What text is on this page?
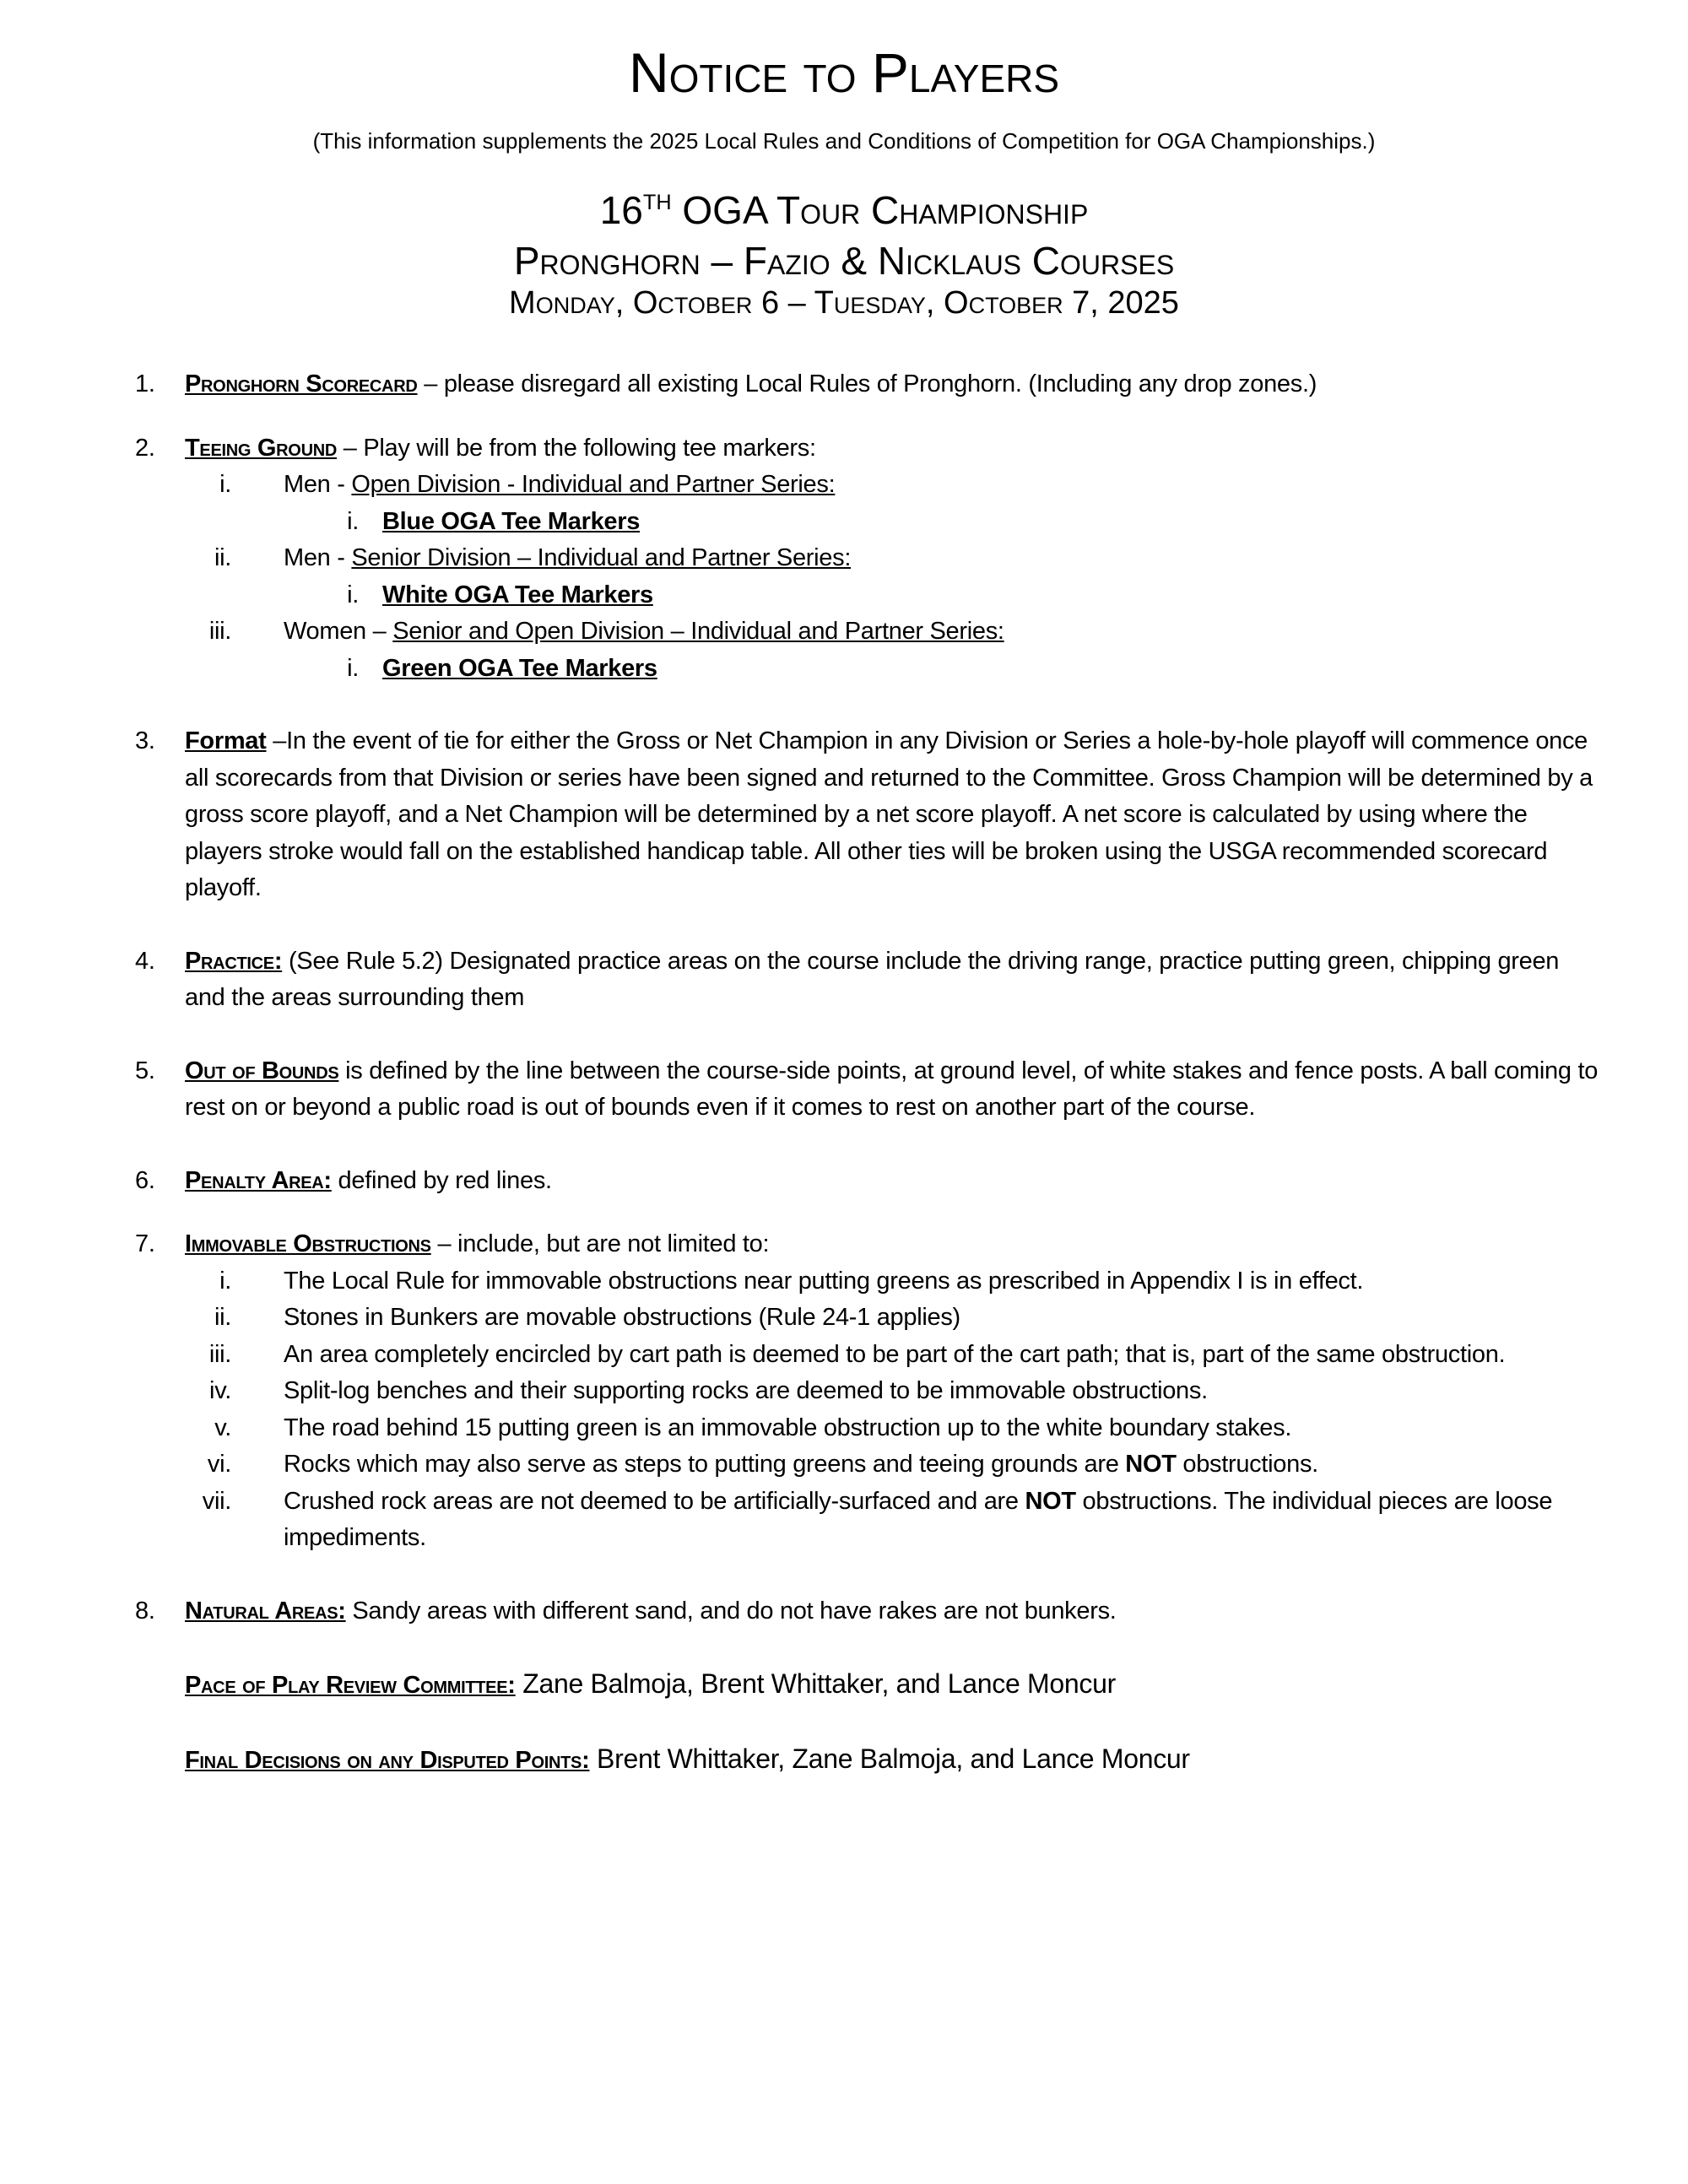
Notice to Players
(This information supplements the 2025 Local Rules and Conditions of Competition for OGA Championships.)
16TH OGA Tour Championship
Pronghorn – Fazio & Nicklaus Courses
Monday, October 6 – Tuesday, October 7, 2025
1. Pronghorn Scorecard – please disregard all existing Local Rules of Pronghorn. (Including any drop zones.)
2. Teeing Ground – Play will be from the following tee markers:
i. Men - Open Division - Individual and Partner Series:
i. Blue OGA Tee Markers
ii. Men - Senior Division – Individual and Partner Series:
i. White OGA Tee Markers
iii. Women – Senior and Open Division – Individual and Partner Series:
i. Green OGA Tee Markers
3. Format –In the event of tie for either the Gross or Net Champion in any Division or Series a hole-by-hole playoff will commence once all scorecards from that Division or series have been signed and returned to the Committee. Gross Champion will be determined by a gross score playoff, and a Net Champion will be determined by a net score playoff. A net score is calculated by using where the players stroke would fall on the established handicap table. All other ties will be broken using the USGA recommended scorecard playoff.
4. Practice: (See Rule 5.2) Designated practice areas on the course include the driving range, practice putting green, chipping green and the areas surrounding them
5. Out of Bounds is defined by the line between the course-side points, at ground level, of white stakes and fence posts. A ball coming to rest on or beyond a public road is out of bounds even if it comes to rest on another part of the course.
6. Penalty Area: defined by red lines.
7. Immovable Obstructions – include, but are not limited to:
i. The Local Rule for immovable obstructions near putting greens as prescribed in Appendix I is in effect.
ii. Stones in Bunkers are movable obstructions (Rule 24-1 applies)
iii. An area completely encircled by cart path is deemed to be part of the cart path; that is, part of the same obstruction.
iv. Split-log benches and their supporting rocks are deemed to be immovable obstructions.
v. The road behind 15 putting green is an immovable obstruction up to the white boundary stakes.
vi. Rocks which may also serve as steps to putting greens and teeing grounds are NOT obstructions.
vii. Crushed rock areas are not deemed to be artificially-surfaced and are NOT obstructions. The individual pieces are loose impediments.
8. Natural Areas: Sandy areas with different sand, and do not have rakes are not bunkers.
Pace of Play Review Committee: Zane Balmoja, Brent Whittaker, and Lance Moncur
Final Decisions on any Disputed Points: Brent Whittaker, Zane Balmoja, and Lance Moncur
